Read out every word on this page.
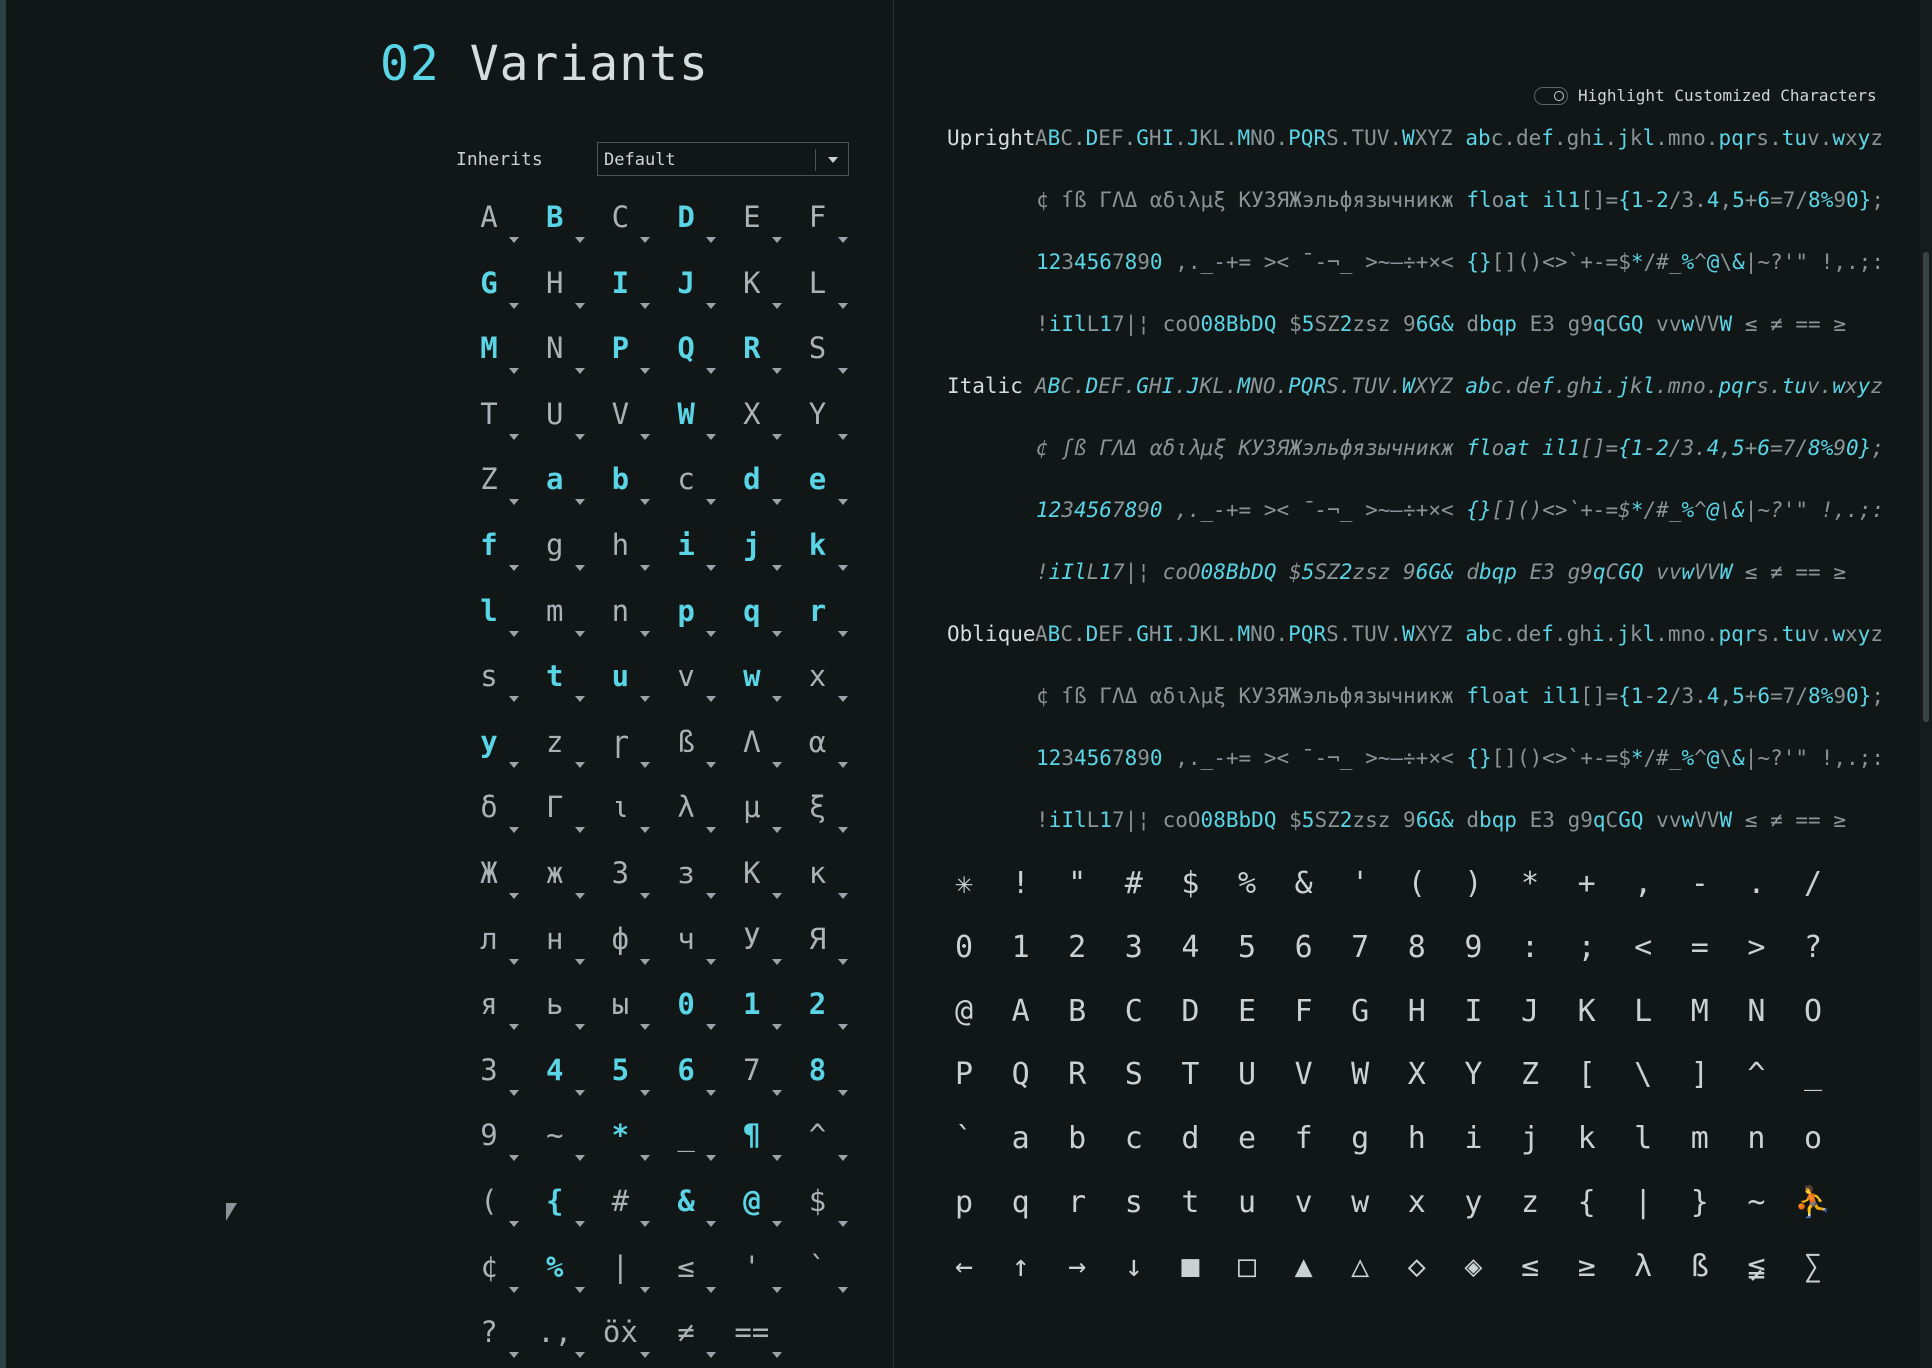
02 Variants
Inherits	Default
A	B	C	D	E	F
G	H	I	J	K	L
M	N	P	Q	R	S
T	U	V	W	X	Y
Z	a	b	c	d	e
f	g	h	i	j	k
l	m	n	p	q	r
s	t	u	v	w	x
y	z	ɼ	ß	Λ	α
δ	Γ	ι	λ	μ	ξ
Ж	ж	З	з	К	к
л	н	ф	ч	У	Я
я	ь	ы	0	1	2
3	4	5	6	7	8
9	~	*	_	¶	^
(	{	#	&	@	$
¢	%	|	≤	'	`
?	.,	öẋ	≠	==
Highlight Customized Characters
Upright ABC.DEF.GHI.JKL.MNO.PQRS.TUV.WXYZ abc.def.ghi.jkl.mno.pqrs.tuv.wxyz
¢ ſß ΓΛΔ αδιλμξ КУЗЯЖэльфязычникж float il1[]={1-2/3.4,5+6=7/8%90};
1234567890 ,._-+= >< ¯-¬_ >~–÷+×< {}[]()<>`+-=$*/#_%^@\&|~?'" !,.;:
!iIlL17|¦ coO08BbDQ $5SZ2zsz 96G& dbqp E3 g9qCGQ vvwVVW ≤ ≠ == ≥
Italic ABC.DEF.GHI.JKL.MNO.PQRS.TUV.WXYZ abc.def.ghi.jkl.mno.pqrs.tuv.wxyz
¢ ʃß ΓΛΔ αδιλμξ КУЗЯЖэльфязычникж float il1[]={1-2/3.4,5+6=7/8%90};
1234567890 ,._-+= >< ¯-¬_ >~–÷+×< {}[]()<>`+-=$*/#_%^@\&|~?'" !,.;:
!iIlL17|¦ coO08BbDQ $5SZ2zsz 96G& dbqp E3 g9qCGQ vvwVVW ≤ ≠ == ≥
Oblique ABC.DEF.GHI.JKL.MNO.PQRS.TUV.WXYZ abc.def.ghi.jkl.mno.pqrs.tuv.wxyz
¢ ſß ΓΛΔ αδιλμξ КУЗЯЖэльфязычникж float il1[]={1-2/3.4,5+6=7/8%90};
1234567890 ,._-+= >< ¯-¬_ >~–÷+×< {}[]()<>`+-=$*/#_%^@\&|~?'" !,.;:
!iIlL17|¦ coO08BbDQ $5SZ2zsz 96G& dbqp E3 g9qCGQ vvwVVW ≤ ≠ == ≥
✳	!	"	#	$	%	&	'	(	)	*	+	,	-	.	/
0	1	2	3	4	5	6	7	8	9	:	;	<	=	>	?
@	A	B	C	D	E	F	G	H	I	J	K	L	M	N	O
P	Q	R	S	T	U	V	W	X	Y	Z	[	\	]	^	_
`	a	b	c	d	e	f	g	h	i	j	k	l	m	n	o
p	q	r	s	t	u	v	w	x	y	z	{	|	}	~ ⛹
←	↑	→	↓	■	□	▲	△	◇	◈	≤	≥	λ	ß	≨	∑
